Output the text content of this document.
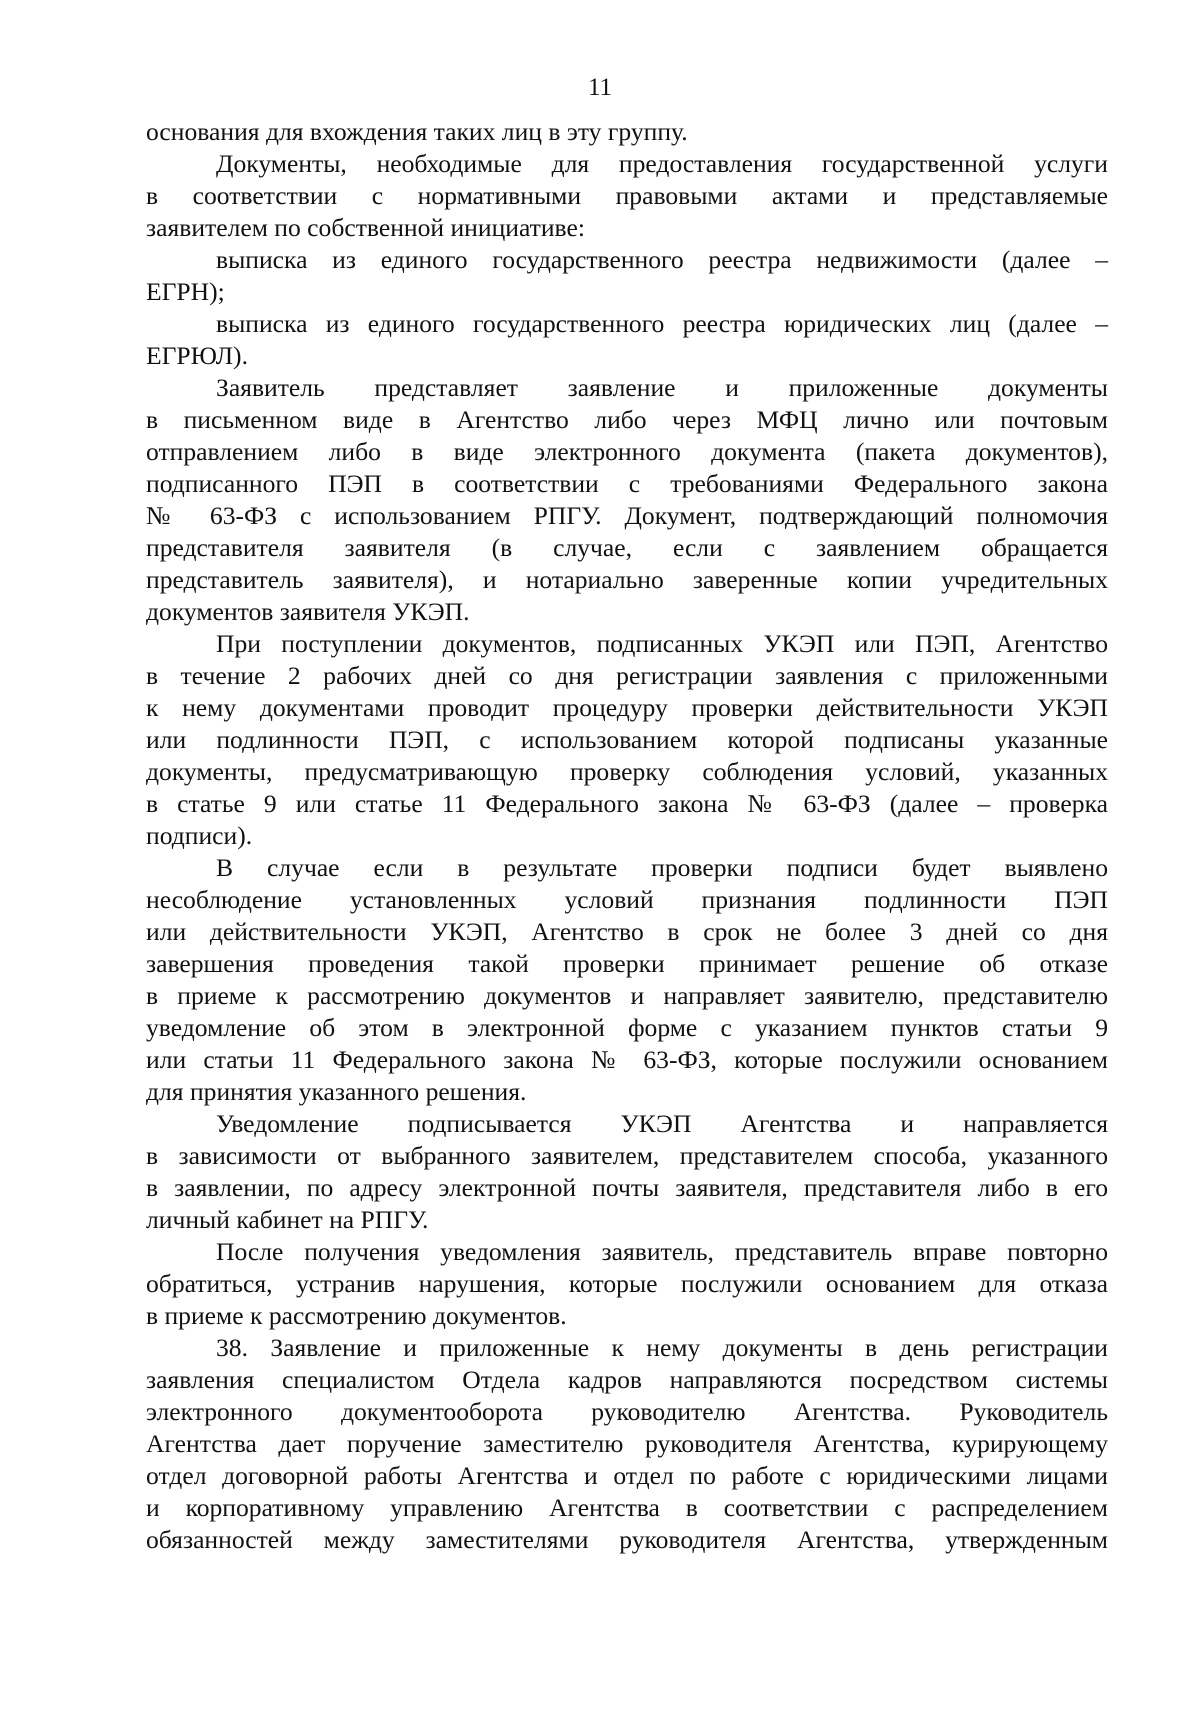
11
основания для вхождения таких лиц в эту группу.
Документы, необходимые для предоставления государственной услуги
в соответствии с нормативными правовыми актами и представляемые
заявителем по собственной инициативе:
выписка из единого государственного реестра недвижимости (далее –
ЕГРН);
выписка из единого государственного реестра юридических лиц (далее –
ЕГРЮЛ).
Заявитель представляет заявление и приложенные документы
в письменном виде в Агентство либо через МФЦ лично или почтовым
отправлением либо в виде электронного документа (пакета документов),
подписанного ПЭП в соответствии с требованиями Федерального закона
№ 63-ФЗ с использованием РПГУ. Документ, подтверждающий полномочия
представителя заявителя (в случае, если с заявлением обращается
представитель заявителя), и нотариально заверенные копии учредительных
документов заявителя УКЭП.
При поступлении документов, подписанных УКЭП или ПЭП, Агентство
в течение 2 рабочих дней со дня регистрации заявления с приложенными
к нему документами проводит процедуру проверки действительности УКЭП
или подлинности ПЭП, с использованием которой подписаны указанные
документы, предусматривающую проверку соблюдения условий, указанных
в статье 9 или статье 11 Федерального закона № 63-ФЗ (далее – проверка
подписи).
В случае если в результате проверки подписи будет выявлено
несоблюдение установленных условий признания подлинности ПЭП
или действительности УКЭП, Агентство в срок не более 3 дней со дня
завершения проведения такой проверки принимает решение об отказе
в приеме к рассмотрению документов и направляет заявителю, представителю
уведомление об этом в электронной форме с указанием пунктов статьи 9
или статьи 11 Федерального закона № 63-ФЗ, которые послужили основанием
для принятия указанного решения.
Уведомление подписывается УКЭП Агентства и направляется
в зависимости от выбранного заявителем, представителем способа, указанного
в заявлении, по адресу электронной почты заявителя, представителя либо в его
личный кабинет на РПГУ.
После получения уведомления заявитель, представитель вправе повторно
обратиться, устранив нарушения, которые послужили основанием для отказа
в приеме к рассмотрению документов.
38. Заявление и приложенные к нему документы в день регистрации
заявления специалистом Отдела кадров направляются посредством системы
электронного документооборота руководителю Агентства. Руководитель
Агентства дает поручение заместителю руководителя Агентства, курирующему
отдел договорной работы Агентства и отдел по работе с юридическими лицами
и корпоративному управлению Агентства в соответствии с распределением
обязанностей между заместителями руководителя Агентства, утвержденным
